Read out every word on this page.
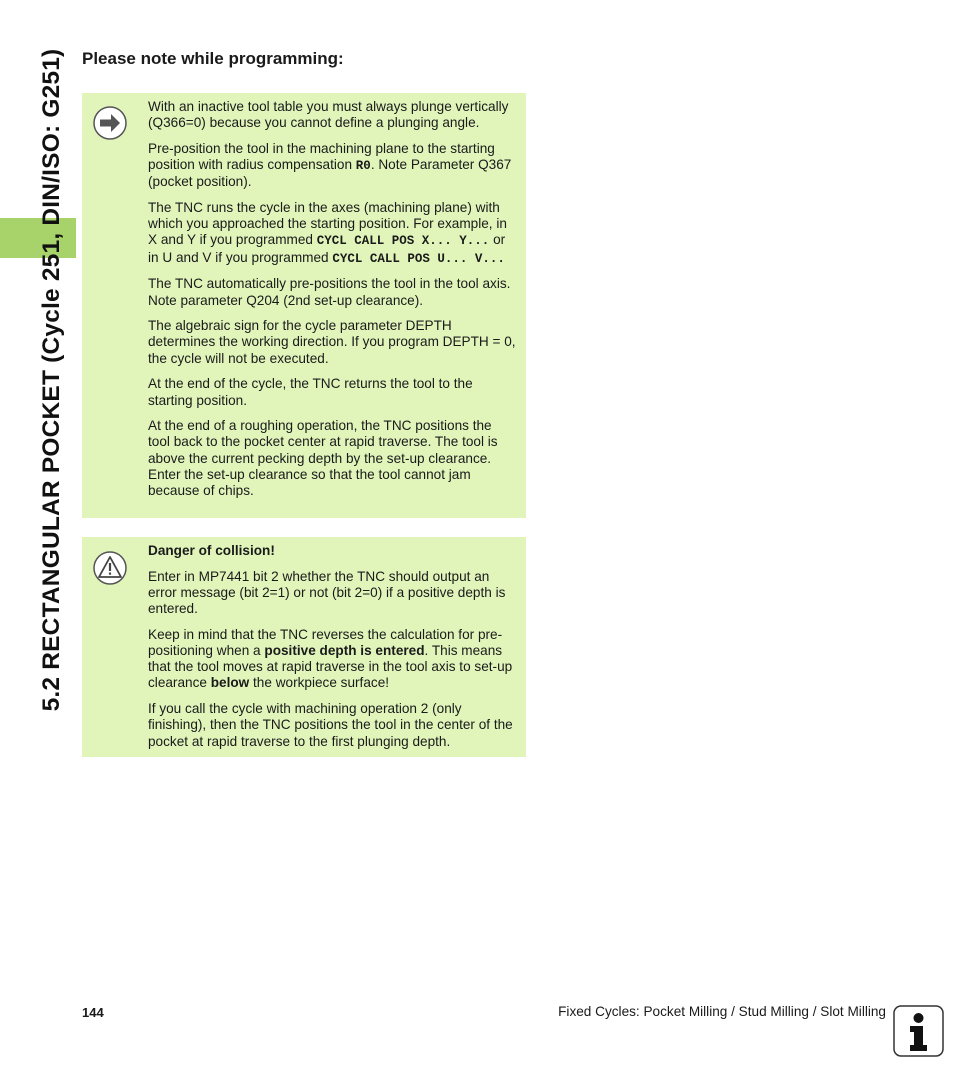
5.2 RECTANGULAR POCKET (Cycle 251, DIN/ISO: G251) Please note while programming:

With an inactive tool table you must always plunge vertically (Q366=0) because you cannot define a plunging angle.

Pre-position the tool in the machining plane to the starting position with radius compensation R0. Note Parameter Q367 (pocket position).

The TNC runs the cycle in the axes (machining plane) with which you approached the starting position. For example, in X and Y if you programmed CYCL CALL POS X... Y... or in U and V if you programmed CYCL CALL POS U... V...

The TNC automatically pre-positions the tool in the tool axis. Note parameter Q204 (2nd set-up clearance).

The algebraic sign for the cycle parameter DEPTH determines the working direction. If you program DEPTH = 0, the cycle will not be executed.

At the end of the cycle, the TNC returns the tool to the starting position.

At the end of a roughing operation, the TNC positions the tool back to the pocket center at rapid traverse. The tool is above the current pecking depth by the set-up clearance. Enter the set-up clearance so that the tool cannot jam because of chips.

Danger of collision!

Enter in MP7441 bit 2 whether the TNC should output an error message (bit 2=1) or not (bit 2=0) if a positive depth is entered.

Keep in mind that the TNC reverses the calculation for pre-positioning when a positive depth is entered. This means that the tool moves at rapid traverse in the tool axis to set-up clearance below the workpiece surface!

If you call the cycle with machining operation 2 (only finishing), then the TNC positions the tool in the center of the pocket at rapid traverse to the first plunging depth.

144	Fixed Cycles: Pocket Milling / Stud Milling / Slot Milling
